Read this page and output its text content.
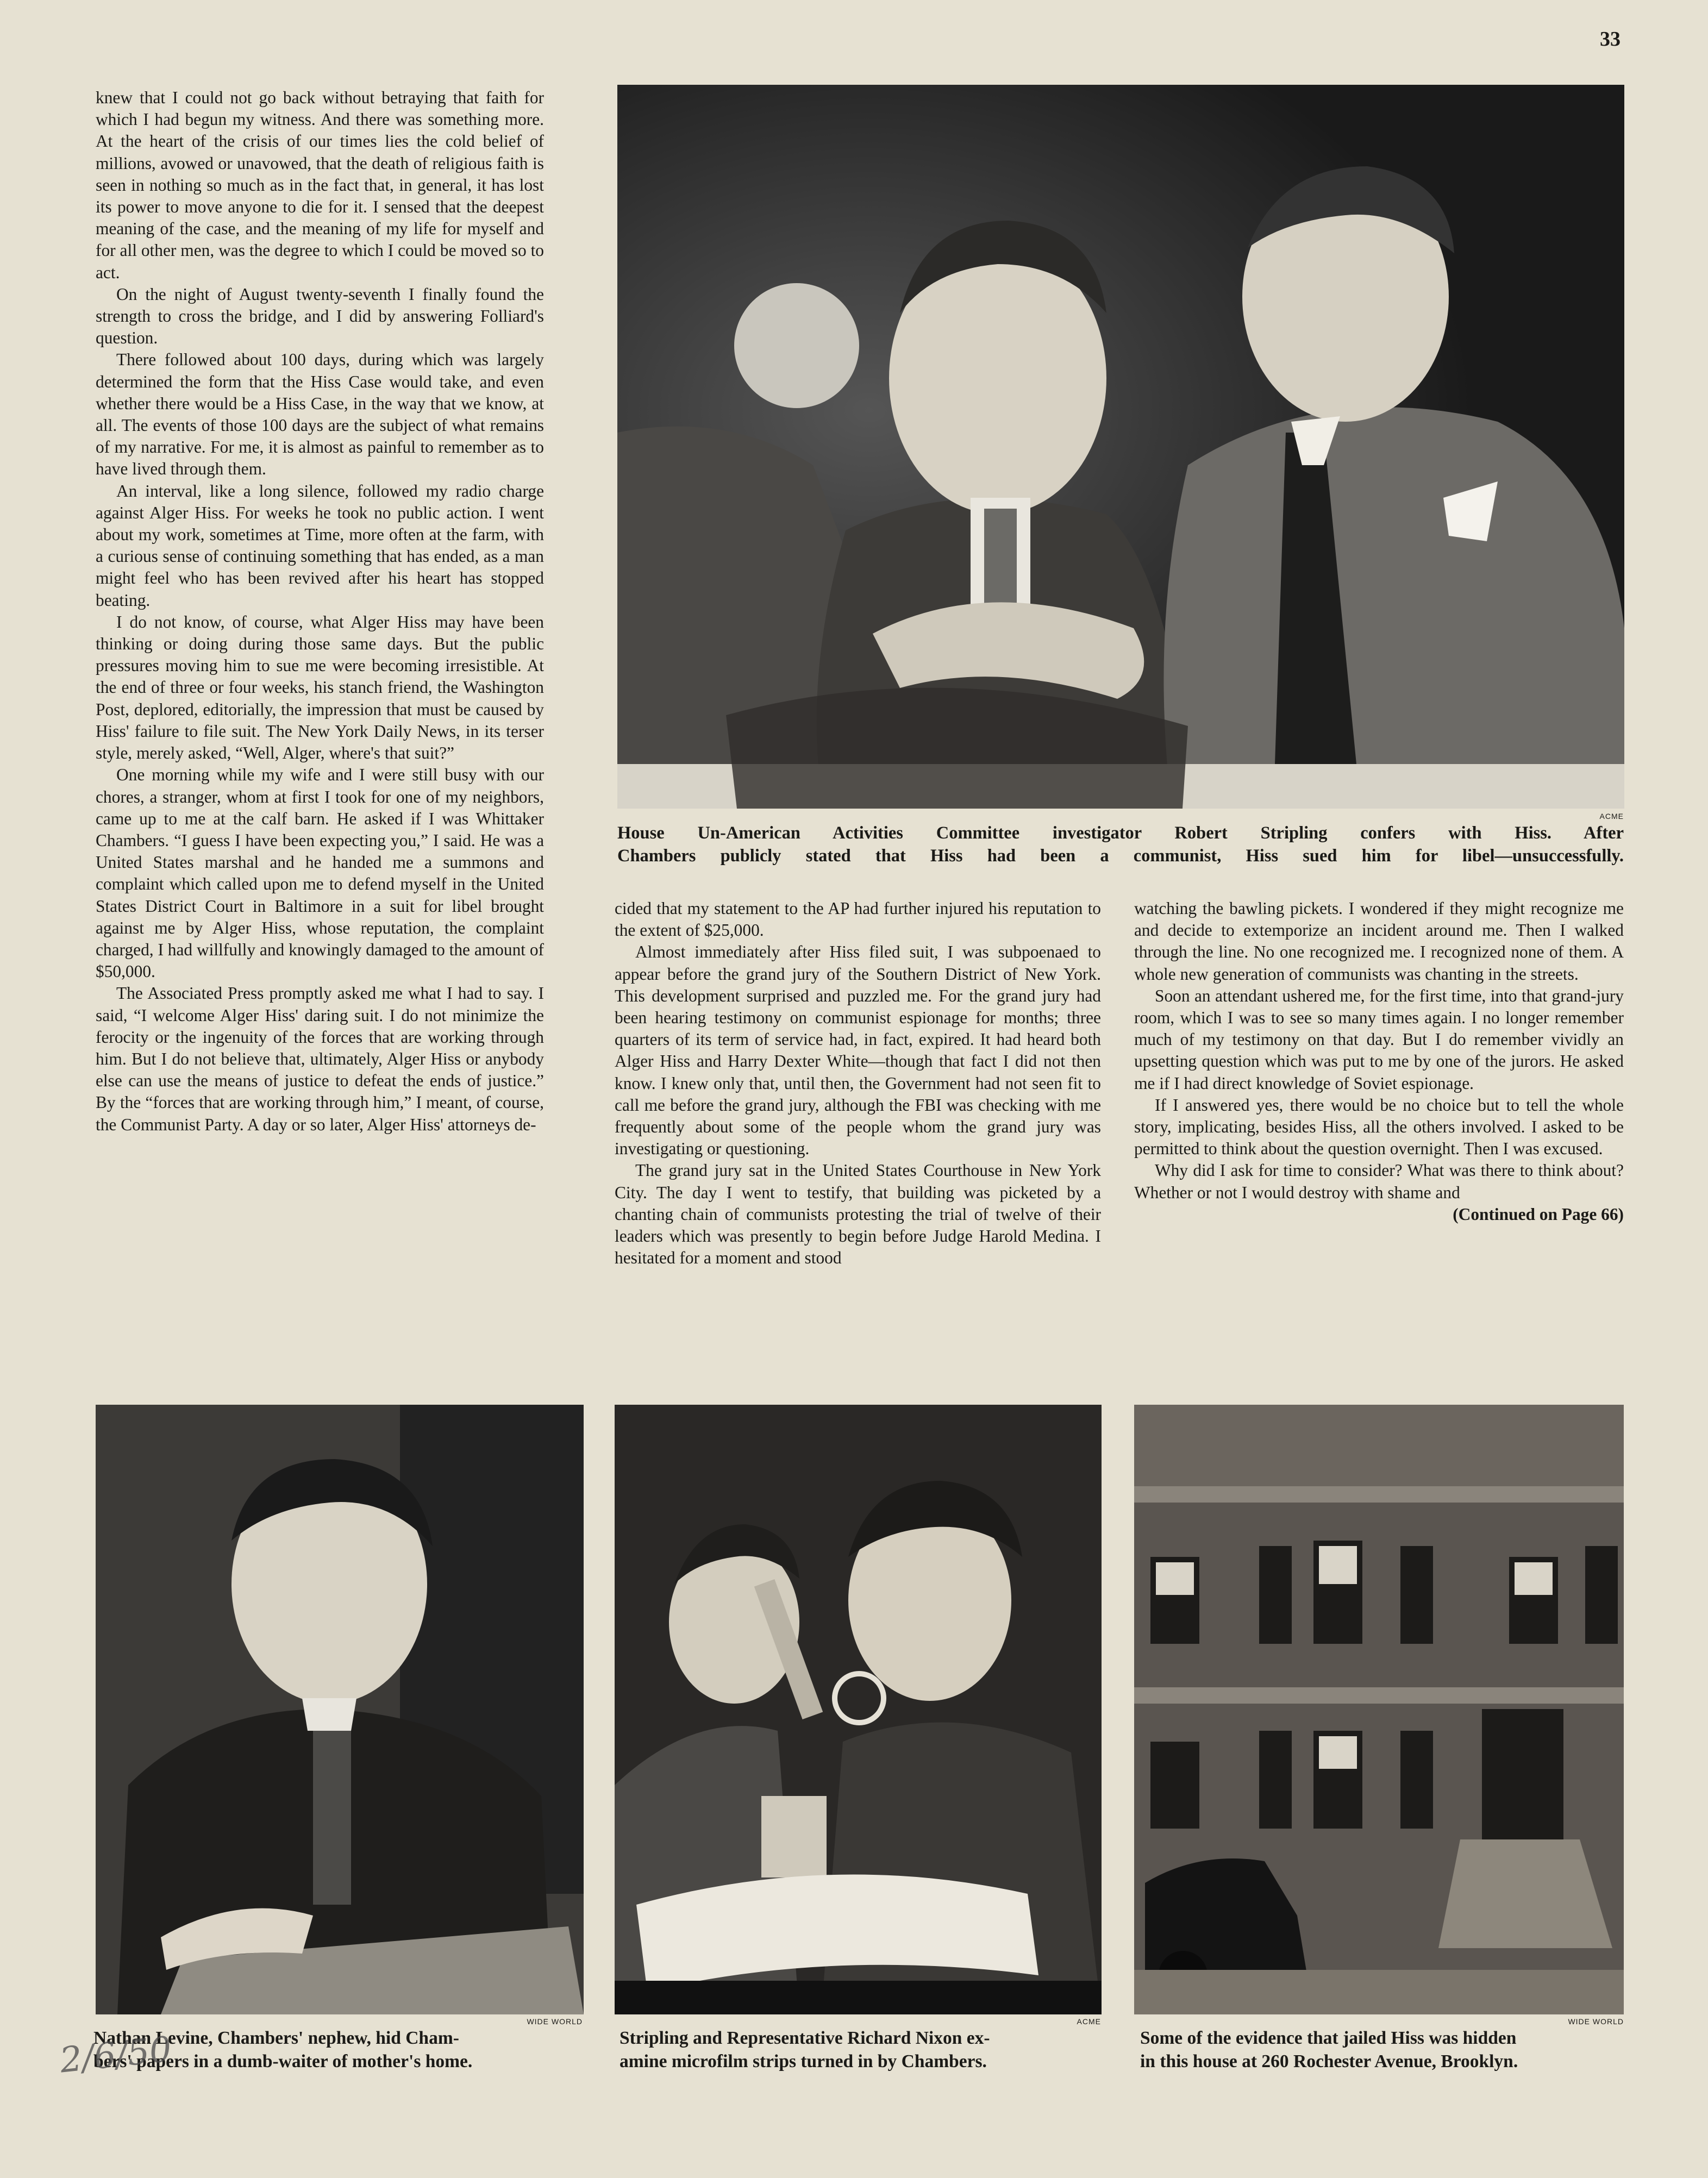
33

knew that I could not go back without betraying that faith for which I had begun my witness. And there was something more. At the heart of the crisis of our times lies the cold belief of millions, avowed or unavowed, that the death of religious faith is seen in nothing so much as in the fact that, in general, it has lost its power to move anyone to die for it. I sensed that the deepest meaning of the case, and the meaning of my life for myself and for all other men, was the degree to which I could be moved so to act.

On the night of August twenty-seventh I finally found the strength to cross the bridge, and I did by answering Folliard's question.

There followed about 100 days, during which was largely determined the form that the Hiss Case would take, and even whether there would be a Hiss Case, in the way that we know, at all. The events of those 100 days are the subject of what remains of my narrative. For me, it is almost as painful to remember as to have lived through them.

An interval, like a long silence, followed my radio charge against Alger Hiss. For weeks he took no public action. I went about my work, sometimes at Time, more often at the farm, with a curious sense of continuing something that has ended, as a man might feel who has been revived after his heart has stopped beating.

I do not know, of course, what Alger Hiss may have been thinking or doing during those same days. But the public pressures moving him to sue me were becoming irresistible. At the end of three or four weeks, his stanch friend, the Washington Post, deplored, editorially, the impression that must be caused by Hiss' failure to file suit. The New York Daily News, in its terser style, merely asked, “Well, Alger, where's that suit?”

One morning while my wife and I were still busy with our chores, a stranger, whom at first I took for one of my neighbors, came up to me at the calf barn. He asked if I was Whittaker Chambers. “I guess I have been expecting you,” I said. He was a United States marshal and he handed me a summons and complaint which called upon me to defend myself in the United States District Court in Baltimore in a suit for libel brought against me by Alger Hiss, whose reputation, the complaint charged, I had willfully and knowingly damaged to the amount of $50,000.

The Associated Press promptly asked me what I had to say. I said, “I welcome Alger Hiss' daring suit. I do not minimize the ferocity or the ingenuity of the forces that are working through him. But I do not believe that, ultimately, Alger Hiss or anybody else can use the means of justice to defeat the ends of justice.” By the “forces that are working through him,” I meant, of course, the Communist Party. A day or so later, Alger Hiss' attorneys de-

ACME
House Un-American Activities Committee investigator Robert Stripling confers with Hiss. After
Chambers publicly stated that Hiss had been a communist, Hiss sued him for libel—unsuccessfully.

cided that my statement to the AP had further injured his reputation to the extent of $25,000.

Almost immediately after Hiss filed suit, I was subpoenaed to appear before the grand jury of the Southern District of New York. This development surprised and puzzled me. For the grand jury had been hearing testimony on communist espionage for months; three quarters of its term of service had, in fact, expired. It had heard both Alger Hiss and Harry Dexter White—though that fact I did not then know. I knew only that, until then, the Government had not seen fit to call me before the grand jury, although the FBI was checking with me frequently about some of the people whom the grand jury was investigating or questioning.

The grand jury sat in the United States Courthouse in New York City. The day I went to testify, that building was picketed by a chanting chain of communists protesting the trial of twelve of their leaders which was presently to begin before Judge Harold Medina. I hesitated for a moment and stood

watching the bawling pickets. I wondered if they might recognize me and decide to extemporize an incident around me. Then I walked through the line. No one recognized me. I recognized none of them. A whole new generation of communists was chanting in the streets.

Soon an attendant ushered me, for the first time, into that grand-jury room, which I was to see so many times again. I no longer remember much of my testimony on that day. But I do remember vividly an upsetting question which was put to me by one of the jurors. He asked me if I had direct knowledge of Soviet espionage.

If I answered yes, there would be no choice but to tell the whole story, implicating, besides Hiss, all the others involved. I asked to be permitted to think about the question overnight. Then I was excused.

Why did I ask for time to consider? What was there to think about? Whether or not I would destroy with shame and
(Continued on Page 66)

WIDE WORLD
Nathan Levine, Chambers' nephew, hid Cham-
bers' papers in a dumb-waiter of mother's home.
ACME
Stripling and Representative Richard Nixon ex-
amine microfilm strips turned in by Chambers.
WIDE WORLD
Some of the evidence that jailed Hiss was hidden
in this house at 260 Rochester Avenue, Brooklyn.
2/6/50
